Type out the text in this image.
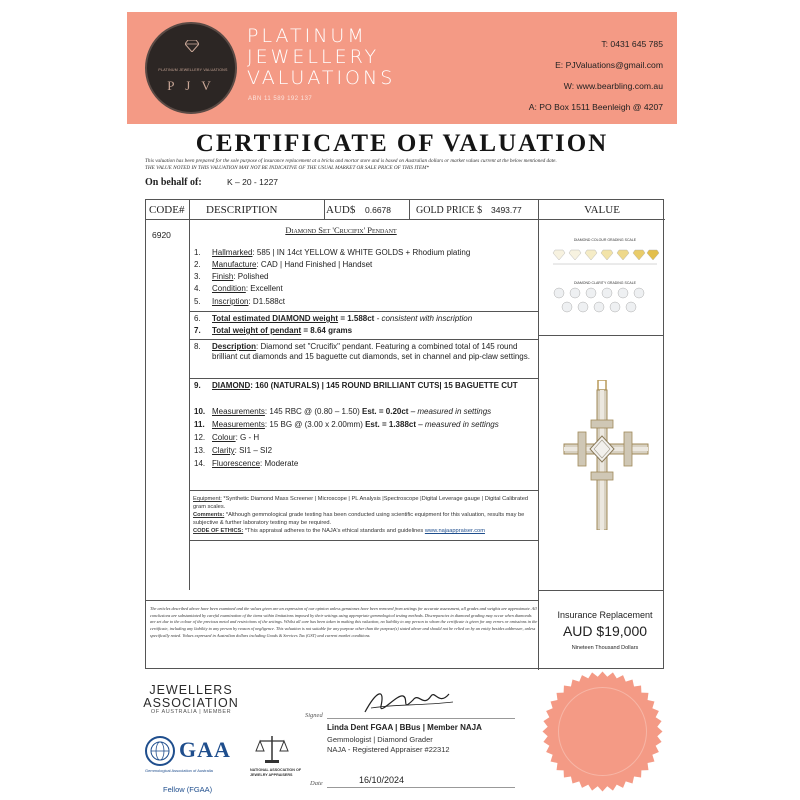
PLATINUM JEWELLERY VALUATIONS
P J V
PLATINUM
JEWELLERY
VALUATIONS
ABN 11 589 192 137
T: 0431 645 785
E: PJValuations@gmail.com
W: www.bearbling.com.au
A: PO Box 1511 Beenleigh @ 4207
CERTIFICATE OF VALUATION
This valuation has been prepared for the sole purpose of insurance replacement at a bricks and mortar store and is based on Australian dollars or market values current at the below mentioned date.
THE VALUE NOTED IN THIS VALUATION MAY NOT BE INDICATIVE OF THE USUAL MARKET OR SALE PRICE OF THIS ITEM*
On behalf of:	K – 20 - 1227
CODE#	DESCRIPTION	AUD$	0.6678	GOLD PRICE $	3493.77	VALUE
6920	Diamond Set 'Crucifix' Pendant
1. Hallmarked: 585 | IN 14ct YELLOW & WHITE GOLDS + Rhodium plating
2. Manufacture: CAD | Hand Finished | Handset
3. Finish: Polished
4. Condition: Excellent
5. Inscription: D1.588ct
6. Total estimated DIAMOND weight = 1.588ct - consistent with inscription
7. Total weight of pendant = 8.64 grams
8. Description: Diamond set "Crucifix" pendant. Featuring a combined total of 145 round brilliant cut diamonds and 15 baguette cut diamonds, set in channel and pip-claw settings.
9. DIAMOND: 160 (NATURALS) | 145 ROUND BRILLIANT CUTS| 15 BAGUETTE CUT
10. Measurements: 145 RBC @ (0.80 – 1.50) Est. = 0.20ct – measured in settings
11. Measurements: 15 BG @ (3.00 x 2.00mm) Est. = 1.388ct – measured in settings
12. Colour: G - H
13. Clarity: SI1 – SI2
14. Fluorescence: Moderate
Equipment: *Synthetic Diamond Mass Screener | Microscope | PL Analysis |Spectroscope |Digital Leverage gauge | Digital Calibrated gram scales.
Comments: *Although gemmological grade testing has been conducted using scientific equipment for this valuation, results may be subjective & further laboratory testing may be required.
CODE OF ETHICS: *This appraisal adheres to the NAJA's ethical standards and guidelines www.najaappraiser.com
The articles described above have been examined and the values given are an expression of our opinion unless gemstones have been removed from settings for accurate assessment, all grades and weights are approximate. All conclusions are substantiated by careful examination of the items within limitations imposed by their settings using appropriate gemmological testing methods. Discrepancies in diamond grading may occur when diamonds are set due to the colour of the precious metal and restrictions of the settings. Whilst all care has been taken in making this valuation, no liability to any person to whom the certificate is given for any errors or omissions in the certificate, including any liability to any person by reason of negligence. This valuation is not suitable for any purpose other than the purpose(s) stated above and should not be relied on by an entity besides addressee, unless specifically noted. Values expressed in Australian dollars including Goods & Services Tax (GST) and current market conditions.
DIAMOND COLOUR GRADING SCALE
DIAMOND CLARITY GRADING SCALE
Insurance Replacement
AUD $19,000
Nineteen Thousand Dollars
JEWELLERS
ASSOCIATION
OF AUSTRALIA | MEMBER
GAA
Gemmological Association of Australia
Fellow (FGAA)
NATIONAL ASSOCIATION OF JEWELRY APPRAISERS
Signed
Linda Dent FGAA | BBus | Member NAJA
Gemmologist | Diamond Grader
NAJA - Registered Appraiser #22312
Date	16/10/2024
